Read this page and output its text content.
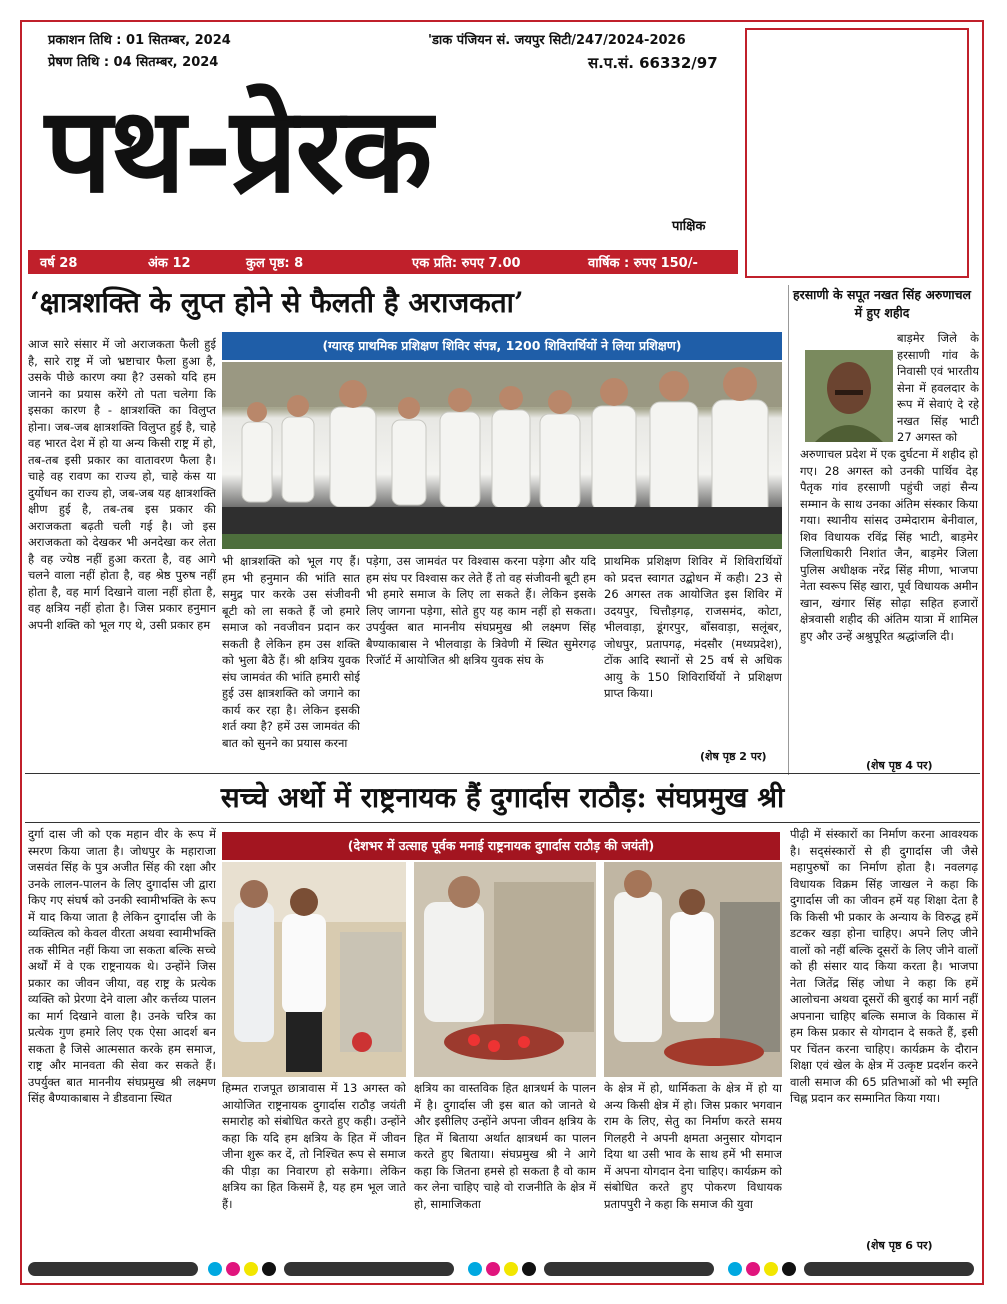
प्रकाशन तिथि : 01 सितम्बर, 2024
प्रेषण तिथि : 04 सितम्बर, 2024
'डाक पंजियन सं. जयपुर सिटी/247/2024-2026
स.प.सं. 66332/97
पथ-प्रेरक
पाक्षिक
वर्ष 28	अंक 12	कुल पृष्ठ: 8	एक प्रति: रुपए 7.00	वार्षिक : रुपए 150/-
‘क्षात्रशक्ति के लुप्त होने से फैलती है अराजकता’
आज सारे संसार में जो अराजकता फैली हुई है, सारे राष्ट्र में जो भ्रष्टाचार फैला हुआ है, उसके पीछे कारण क्या है? उसको यदि हम जानने का प्रयास करेंगे तो पता चलेगा कि इसका कारण है - क्षात्रशक्ति का विलुप्त होना। जब-जब क्षात्रशक्ति विलुप्त हुई है, चाहे वह भारत देश में हो या अन्य किसी राष्ट्र में हो, तब-तब इसी प्रकार का वातावरण फैला है। चाहे वह रावण का राज्य हो, चाहे कंस या दुर्योधन का राज्य हो, जब-जब यह क्षात्रशक्ति क्षीण हुई है, तब-तब इस प्रकार की अराजकता बढ़ती चली गई है। जो इस अराजकता को देखकर भी अनदेखा कर लेता है वह ज्येष्ठ नहीं हुआ करता है, वह आगे चलने वाला नहीं होता है, वह श्रेष्ठ पुरुष नहीं होता है, वह मार्ग दिखाने वाला नहीं होता है, वह क्षत्रिय नहीं होता है। जिस प्रकार हनुमान अपनी शक्ति को भूल गए थे, उसी प्रकार हम
(ग्यारह प्राथमिक प्रशिक्षण शिविर संपन्न, 1200 शिविरार्थियों ने लिया प्रशिक्षण)
भी क्षात्रशक्ति को भूल गए हैं। हम भी हनुमान की भांति सात समुद्र पार करके उस संजीवनी बूटी को ला सकते हैं जो हमारे समाज को नवजीवन प्रदान कर सकती है लेकिन हम उस शक्ति को भुला बैठे हैं। श्री क्षत्रिय युवक संघ जामवंत की भांति हमारी सोई हुई उस क्षात्रशक्ति को जगाने का कार्य कर रहा है। लेकिन इसकी शर्त क्या है? हमें उस जामवंत की बात को सुनने का प्रयास करना
पड़ेगा, उस जामवंत पर विश्वास करना पड़ेगा और यदि हम संघ पर विश्वास कर लेते हैं तो वह संजीवनी बूटी हम भी हमारे समाज के लिए ला सकते हैं। लेकिन इसके लिए जागना पड़ेगा, सोते हुए यह काम नहीं हो सकता। उपर्युक्त बात माननीय संघप्रमुख श्री लक्ष्मण सिंह बैण्याकाबास ने भीलवाड़ा के त्रिवेणी में स्थित सुमेरगढ़ रिजॉर्ट में आयोजित श्री क्षत्रिय युवक संघ के
प्राथमिक प्रशिक्षण शिविर में शिविरार्थियों को प्रदत्त स्वागत उद्बोधन में कही। 23 से 26 अगस्त तक आयोजित इस शिविर में उदयपुर, चित्तौड़गढ़, राजसमंद, कोटा, भीलवाड़ा, डूंगरपुर, बाँसवाड़ा, सलूंबर, जोधपुर, प्रतापगढ़, मंदसौर (मध्यप्रदेश), टोंक आदि स्थानों से 25 वर्ष से अधिक आयु के 150 शिविरार्थियों ने प्रशिक्षण प्राप्त किया।
(शेष पृष्ठ 2 पर)
हरसाणी के सपूत नखत सिंह अरुणाचल में हुए शहीद
बाड़मेर जिले के हरसाणी गांव के निवासी एवं भारतीय सेना में हवलदार के रूप में सेवाएं दे रहे नखत सिंह भाटी 27 अगस्त को
अरुणाचल प्रदेश में एक दुर्घटना में शहीद हो गए। 28 अगस्त को उनकी पार्थिव देह पैतृक गांव हरसाणी पहुंची जहां सैन्य सम्मान के साथ उनका अंतिम संस्कार किया गया। स्थानीय सांसद उम्मेदाराम बेनीवाल, शिव विधायक रविंद्र सिंह भाटी, बाड़मेर जिलाधिकारी निशांत जैन, बाड़मेर जिला पुलिस अधीक्षक नरेंद्र सिंह मीणा, भाजपा नेता स्वरूप सिंह खारा, पूर्व विधायक अमीन खान, खंगार सिंह सोढ़ा सहित हजारों क्षेत्रवासी शहीद की अंतिम यात्रा में शामिल हुए और उन्हें अश्रुपूरित श्रद्धांजलि दी।
(शेष पृष्ठ 4 पर)
सच्चे अर्थो में राष्ट्रनायक हैं दुगार्दास राठौड़: संघप्रमुख श्री
दुर्गा दास जी को एक महान वीर के रूप में स्मरण किया जाता है। जोधपुर के महाराजा जसवंत सिंह के पुत्र अजीत सिंह की रक्षा और उनके लालन-पालन के लिए दुगार्दास जी द्वारा किए गए संघर्ष को उनकी स्वामीभक्ति के रूप में याद किया जाता है लेकिन दुगार्दास जी के व्यक्तित्व को केवल वीरता अथवा स्वामीभक्ति तक सीमित नहीं किया जा सकता बल्कि सच्चे अर्थों में वे एक राष्ट्रनायक थे। उन्होंने जिस प्रकार का जीवन जीया, वह राष्ट्र के प्रत्येक व्यक्ति को प्रेरणा देने वाला और कर्त्तव्य पालन का मार्ग दिखाने वाला है। उनके चरित्र का प्रत्येक गुण हमारे लिए एक ऐसा आदर्श बन सकता है जिसे आत्मसात करके हम समाज, राष्ट्र और मानवता की सेवा कर सकते हैं। उपर्युक्त बात माननीय संघप्रमुख श्री लक्ष्मण सिंह बैण्याकाबास ने डीडवाना स्थित
(देशभर में उत्साह पूर्वक मनाई राष्ट्रनायक दुगार्दास राठौड़ की जयंती)
हिम्मत राजपूत छात्रावास में 13 अगस्त को आयोजित राष्ट्रनायक दुगार्दास राठौड़ जयंती समारोह को संबोधित करते हुए कही। उन्होंने कहा कि यदि हम क्षत्रिय के हित में जीवन जीना शुरू कर दें, तो निश्चित रूप से समाज की पीड़ा का निवारण हो सकेगा। लेकिन क्षत्रिय का हित किसमें है, यह हम भूल जाते हैं।
क्षत्रिय का वास्तविक हित क्षात्रधर्म के पालन में है। दुगार्दास जी इस बात को जानते थे और इसीलिए उन्होंने अपना जीवन क्षत्रिय के हित में बिताया अर्थात क्षात्रधर्म का पालन करते हुए बिताया। संघप्रमुख श्री ने आगे कहा कि जितना हमसे हो सकता है वो काम कर लेना चाहिए चाहे वो राजनीति के क्षेत्र में हो, सामाजिकता
के क्षेत्र में हो, धार्मिकता के क्षेत्र में हो या अन्य किसी क्षेत्र में हो। जिस प्रकार भगवान राम के लिए, सेतु का निर्माण करते समय गिलहरी ने अपनी क्षमता अनुसार योगदान दिया था उसी भाव के साथ हमें भी समाज में अपना योगदान देना चाहिए। कार्यक्रम को संबोधित करते हुए पोकरण विधायक प्रतापपुरी ने कहा कि समाज की युवा
पीढ़ी में संस्कारों का निर्माण करना आवश्यक है। सद्संस्कारों से ही दुगार्दास जी जैसे महापुरुषों का निर्माण होता है। नवलगढ़ विधायक विक्रम सिंह जाखल ने कहा कि दुगार्दास जी का जीवन हमें यह शिक्षा देता है कि किसी भी प्रकार के अन्याय के विरुद्ध हमें डटकर खड़ा होना चाहिए। अपने लिए जीने वालों को नहीं बल्कि दूसरों के लिए जीने वालों को ही संसार याद किया करता है। भाजपा नेता जितेंद्र सिंह जोधा ने कहा कि हमें आलोचना अथवा दूसरों की बुराई का मार्ग नहीं अपनाना चाहिए बल्कि समाज के विकास में हम किस प्रकार से योगदान दे सकते हैं, इसी पर चिंतन करना चाहिए। कार्यक्रम के दौरान शिक्षा एवं खेल के क्षेत्र में उत्कृष्ट प्रदर्शन करने वाली समाज की 65 प्रतिभाओं को भी स्मृति चिह्न प्रदान कर सम्मानित किया गया।
(शेष पृष्ठ 6 पर)
